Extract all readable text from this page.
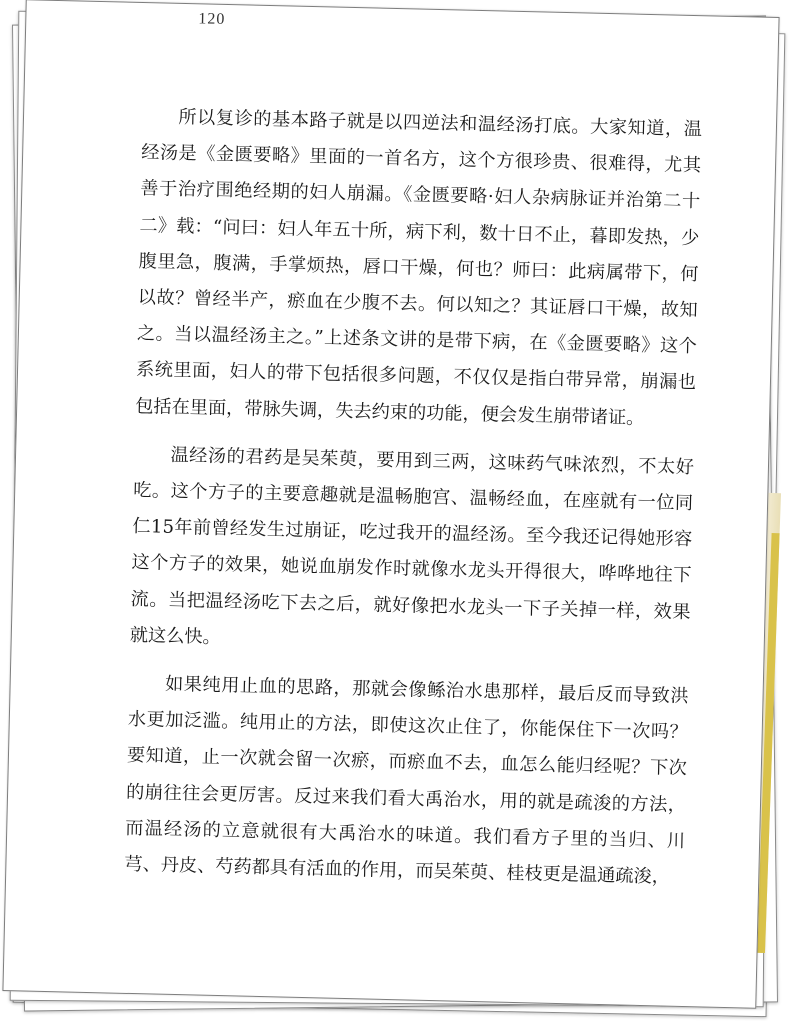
120

所以复诊的基本路子就是以四逆法和温经汤打底。大家知道，温经汤是《金匮要略》里面的一首名方，这个方很珍贵、很难得，尤其善于治疗围绝经期的妇人崩漏。《金匮要略·妇人杂病脉证并治第二十二》载：“问曰：妇人年五十所，病下利，数十日不止，暮即发热，少腹里急，腹满，手掌烦热，唇口干燥，何也？师曰：此病属带下，何以故？曾经半产，瘀血在少腹不去。何以知之？其证唇口干燥，故知之。当以温经汤主之。”上述条文讲的是带下病，在《金匮要略》这个系统里面，妇人的带下包括很多问题，不仅仅是指白带异常，崩漏也包括在里面，带脉失调，失去约束的功能，便会发生崩带诸证。

温经汤的君药是吴茱萸，要用到三两，这味药气味浓烈，不太好吃。这个方子的主要意趣就是温畅胞宫、温畅经血，在座就有一位同仁15年前曾经发生过崩证，吃过我开的温经汤。至今我还记得她形容这个方子的效果，她说血崩发作时就像水龙头开得很大，哗哗地往下流。当把温经汤吃下去之后，就好像把水龙头一下子关掉一样，效果就这么快。

如果纯用止血的思路，那就会像鲧治水患那样，最后反而导致洪水更加泛滥。纯用止的方法，即使这次止住了，你能保住下一次吗？要知道，止一次就会留一次瘀，而瘀血不去，血怎么能归经呢？下次的崩往往会更厉害。反过来我们看大禹治水，用的就是疏浚的方法，而温经汤的立意就很有大禹治水的味道。我们看方子里的当归、川芎、丹皮、芍药都具有活血的作用，而吴茱萸、桂枝更是温通疏浚，
